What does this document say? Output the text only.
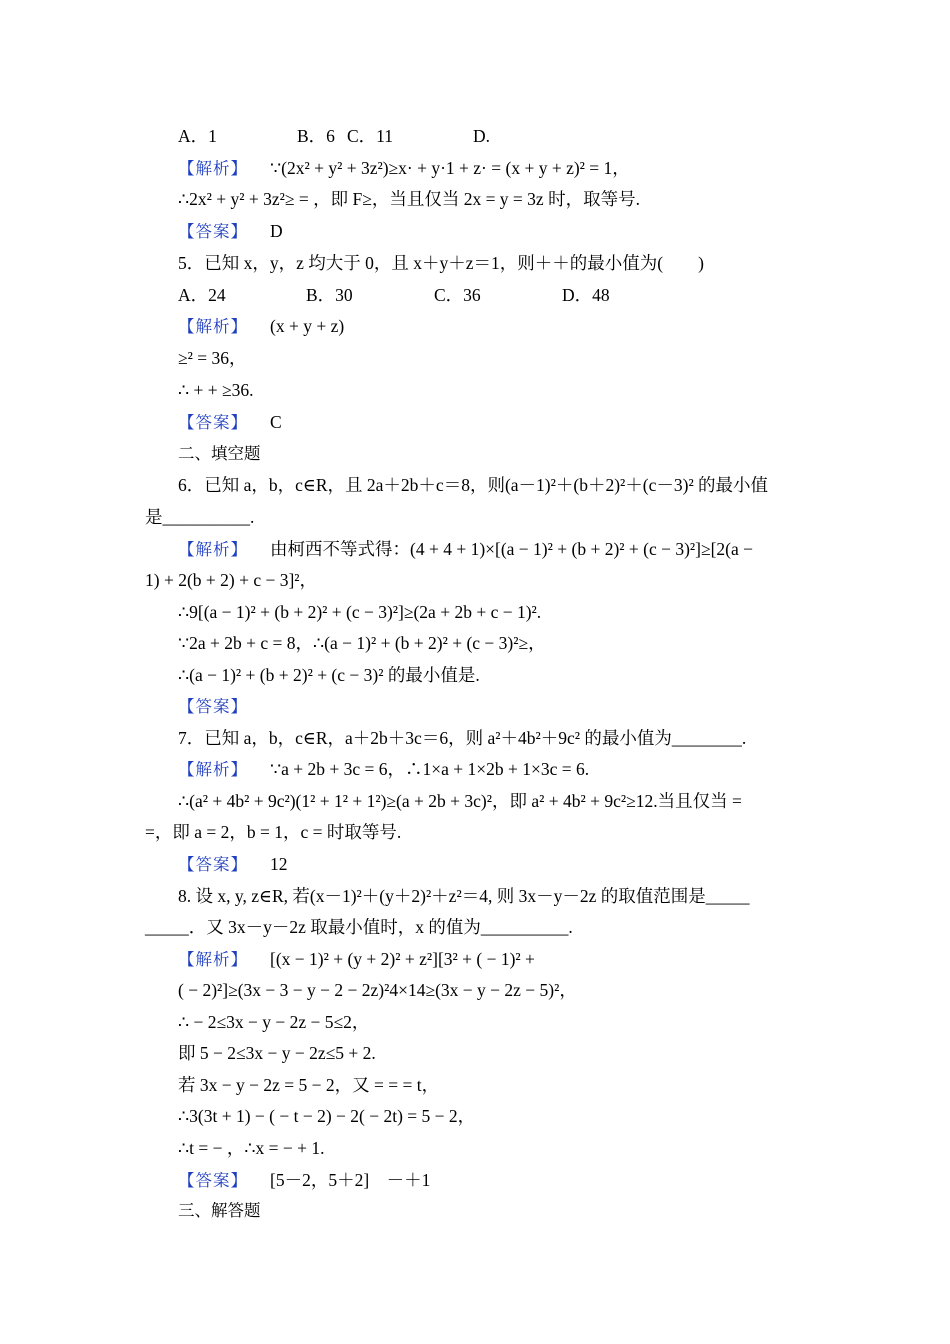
A．1	B．6 C．11	D.
【解析】 ∵(2x² + y² + 3z²)≥x· + y·1 + z· = (x + y + z)² = 1，
∴2x² + y² + 3z²≥ = ，即 F≥，当且仅当 2x = y = 3z 时，取等号.
【答案】 D
5．已知 x，y，z 均大于 0，且 x＋y＋z＝1，则＋＋的最小值为(　　)
A．24	B．30	C．36	D．48
【解析】 (x + y + z)
≥² = 36，
∴ + + ≥36.
【答案】 C
二、填空题
6．已知 a，b，c∈R，且 2a＋2b＋c＝8，则(a－1)²＋(b＋2)²＋(c－3)² 的最小值
是__________.
【解析】 由柯西不等式得：(4 + 4 + 1)×[(a − 1)² + (b + 2)² + (c − 3)²]≥[2(a −
1) + 2(b + 2) + c − 3]²，
∴9[(a − 1)² + (b + 2)² + (c − 3)²]≥(2a + 2b + c − 1)².
∵2a + 2b + c = 8，∴(a − 1)² + (b + 2)² + (c − 3)²≥，
∴(a − 1)² + (b + 2)² + (c − 3)² 的最小值是.
【答案】
7．已知 a，b，c∈R，a＋2b＋3c＝6，则 a²＋4b²＋9c² 的最小值为________.
【解析】 ∵a + 2b + 3c = 6，∴1×a + 1×2b + 1×3c = 6.
∴(a² + 4b² + 9c²)(1² + 1² + 1²)≥(a + 2b + 3c)²，即 a² + 4b² + 9c²≥12.当且仅当 =
=，即 a = 2，b = 1，c = 时取等号.
【答案】 12
8. 设 x, y, z∈R, 若(x－1)²＋(y＋2)²＋z²＝4, 则 3x－y－2z 的取值范围是_____
_____．又 3x－y－2z 取最小值时，x 的值为__________.
【解析】 [(x − 1)² + (y + 2)² + z²][3² + ( − 1)² +
( − 2)²]≥(3x − 3 − y − 2 − 2z)²4×14≥(3x − y − 2z − 5)²，
∴ − 2≤3x − y − 2z − 5≤2，
即 5 − 2≤3x − y − 2z≤5 + 2.
若 3x − y − 2z = 5 − 2，又 = = = t，
∴3(3t + 1) − ( − t − 2) − 2( − 2t) = 5 − 2，
∴t = − ，∴x = − + 1.
【答案】 [5－2，5＋2]　－＋1
三、解答题
